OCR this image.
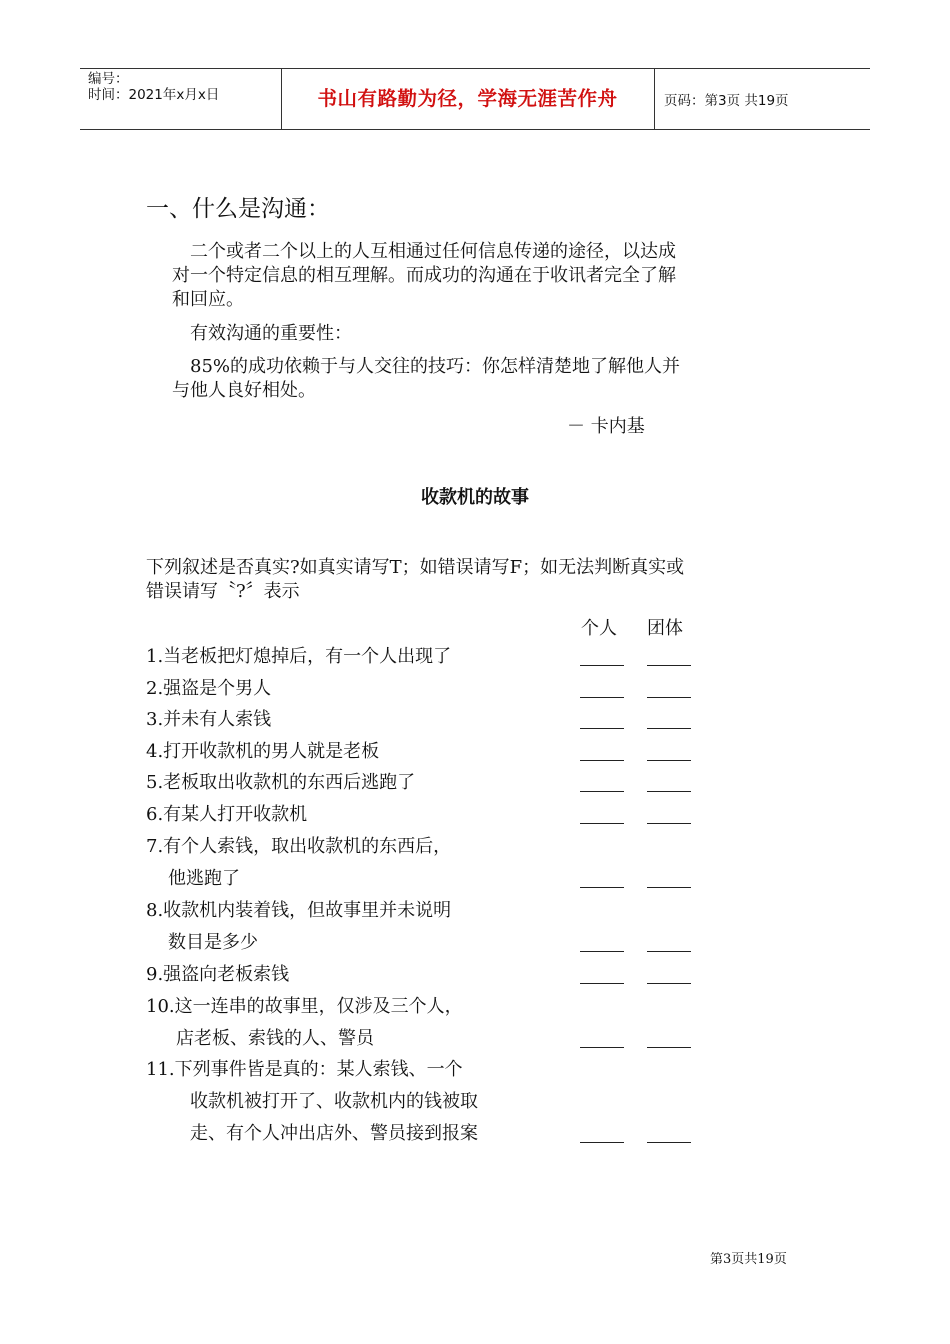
编号：
时间：2021年x月x日	书山有路勤为径，学海无涯苦作舟	页码：第3页 共19页
一、什么是沟通：
　二个或者二个以上的人互相通过任何信息传递的途径，以达成
对一个特定信息的相互理解。而成功的沟通在于收讯者完全了解
和回应。
　有效沟通的重要性：
　85%的成功依赖于与人交往的技巧：你怎样清楚地了解他人并
与他人良好相处。
－ 卡内基
收款机的故事
下列叙述是否真实?如真实请写T；如错误请写F；如无法判断真实或
错误请写〝?〞表示
个人 团体
1.当老板把灯熄掉后，有一个人出现了
2.强盗是个男人
3.并未有人索钱
4.打开收款机的男人就是老板
5.老板取出收款机的东西后逃跑了
6.有某人打开收款机
7.有个人索钱，取出收款机的东西后，
他逃跑了
8.收款机内装着钱，但故事里并未说明
数目是多少
9.强盗向老板索钱
10.这一连串的故事里，仅涉及三个人，
店老板、索钱的人、警员
11.下列事件皆是真的：某人索钱、一个
收款机被打开了、收款机内的钱被取
走、有个人冲出店外、警员接到报案
第3页共19页
